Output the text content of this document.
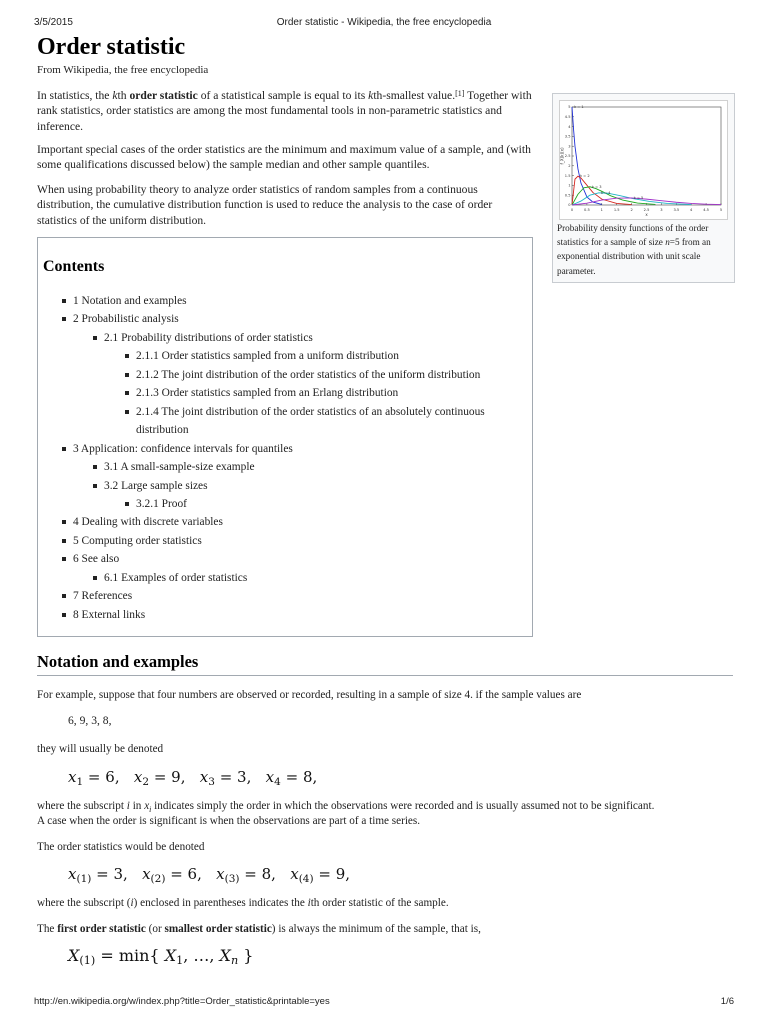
3/5/2015	Order statistic - Wikipedia, the free encyclopedia
Order statistic
From Wikipedia, the free encyclopedia

In statistics, the kth order statistic of a statistical sample is equal to its kth-smallest value.[1] Together with rank statistics, order statistics are among the most fundamental tools in non-parametric statistics and inference.

Important special cases of the order statistics are the minimum and maximum value of a sample, and (with some qualifications discussed below) the sample median and other sample quantiles.

When using probability theory to analyze order statistics of random samples from a continuous distribution, the cumulative distribution function is used to reduce the analysis to the case of order statistics of the uniform distribution.

0	0.5	1	1.5	2	2.5	3	3.5	4	4.5	5
0
0.5
1
1.5
2
2.5
3
3.5
4
4.5
5
x
f_X(k)(x)
k = 1
k = 2
k = 3
k = 4
k = 5
Probability density functions of the order statistics for a sample of size n=5 from an exponential distribution with unit scale parameter.
Contents
1 Notation and examples
2 Probabilistic analysis
2.1 Probability distributions of order statistics
2.1.1 Order statistics sampled from a uniform distribution
2.1.2 The joint distribution of the order statistics of the uniform distribution
2.1.3 Order statistics sampled from an Erlang distribution
2.1.4 The joint distribution of the order statistics of an absolutely continuous distribution
3 Application: confidence intervals for quantiles
3.1 A small-sample-size example
3.2 Large sample sizes
3.2.1 Proof
4 Dealing with discrete variables
5 Computing order statistics
6 See also
6.1 Examples of order statistics
7 References
8 External links
Notation and examples
For example, suppose that four numbers are observed or recorded, resulting in a sample of size 4. if the sample values are
6, 9, 3, 8,
they will usually be denoted
$x_1 = 6$,   $x_2 = 9$,   $x_3 = 3$,   $x_4 = 8$,
where the subscript i in $x_i$ indicates simply the order in which the observations were recorded and is usually assumed not to be significant.
A case when the order is significant is when the observations are part of a time series.
The order statistics would be denoted
$x_{(1)} = 3$,   $x_{(2)} = 6$,   $x_{(3)} = 8$,   $x_{(4)} = 9$,
where the subscript (i) enclosed in parentheses indicates the ith order statistic of the sample.
The first order statistic (or smallest order statistic) is always the minimum of the sample, that is,
$X_{(1)} = \min${ $X_1$, …, $X_n$ }
http://en.wikipedia.org/w/index.php?title=Order_statistic&printable=yes	1/6
